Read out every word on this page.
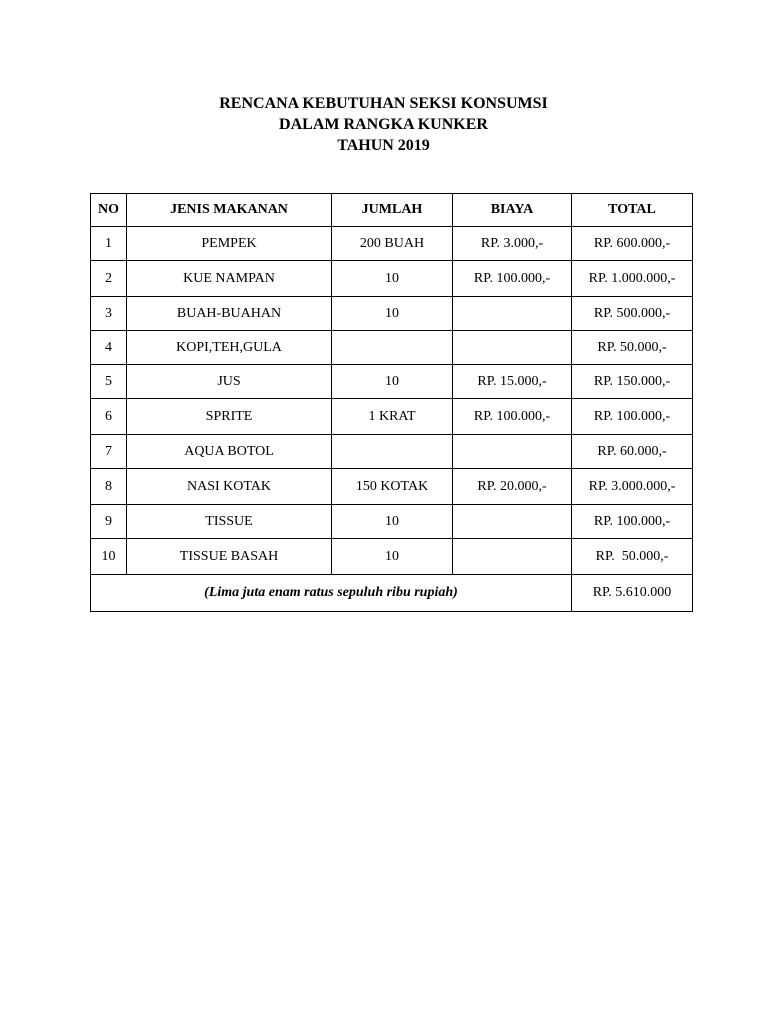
RENCANA KEBUTUHAN SEKSI KONSUMSI
DALAM RANGKA KUNKER
TAHUN 2019
NO	JENIS MAKANAN	JUMLAH	BIAYA	TOTAL
1	PEMPEK	200 BUAH	RP. 3.000,-	RP. 600.000,-
2	KUE NAMPAN	10	RP. 100.000,-	RP. 1.000.000,-
3	BUAH-BUAHAN	10		RP. 500.000,-
4	KOPI,TEH,GULA			RP. 50.000,-
5	JUS	10	RP. 15.000,-	RP. 150.000,-
6	SPRITE	1 KRAT	RP. 100.000,-	RP. 100.000,-
7	AQUA BOTOL			RP. 60.000,-
8	NASI KOTAK	150 KOTAK	RP. 20.000,-	RP. 3.000.000,-
9	TISSUE	10		RP. 100.000,-
10	TISSUE BASAH	10		RP.  50.000,-
(Lima juta enam ratus sepuluh ribu rupiah)				RP. 5.610.000
